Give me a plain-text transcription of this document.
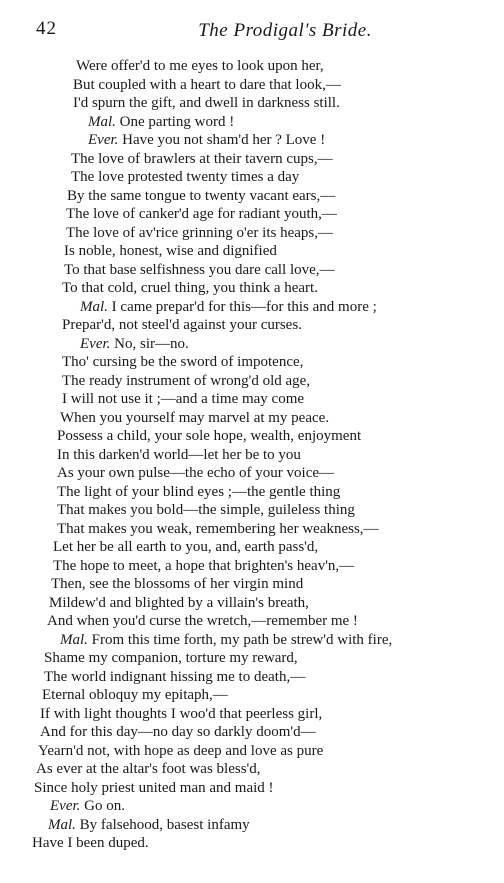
42	The Prodigal's Bride.
Were offer'd to me eyes to look upon her,
But coupled with a heart to dare that look,—
I'd spurn the gift, and dwell in darkness still.
Mal. One parting word !
Ever. Have you not sham'd her ? Love !
The love of brawlers at their tavern cups,—
The love protested twenty times a day
By the same tongue to twenty vacant ears,—
The love of canker'd age for radiant youth,—
The love of av'rice grinning o'er its heaps,—
Is noble, honest, wise and dignified
To that base selfishness you dare call love,—
To that cold, cruel thing, you think a heart.
Mal. I came prepar'd for this—for this and more ;
Prepar'd, not steel'd against your curses.
Ever. No, sir—no.
Tho' cursing be the sword of impotence,
The ready instrument of wrong'd old age,
I will not use it ;—and a time may come
When you yourself may marvel at my peace.
Possess a child, your sole hope, wealth, enjoyment
In this darken'd world—let her be to you
As your own pulse—the echo of your voice—
The light of your blind eyes ;—the gentle thing
That makes you bold—the simple, guileless thing
That makes you weak, remembering her weakness,—
Let her be all earth to you, and, earth pass'd,
The hope to meet, a hope that brighten's heav'n,—
Then, see the blossoms of her virgin mind
Mildew'd and blighted by a villain's breath,
And when you'd curse the wretch,—remember me !
Mal. From this time forth, my path be strew'd with fire,
Shame my companion, torture my reward,
The world indignant hissing me to death,—
Eternal obloquy my epitaph,—
If with light thoughts I woo'd that peerless girl,
And for this day—no day so darkly doom'd—
Yearn'd not, with hope as deep and love as pure
As ever at the altar's foot was bless'd,
Since holy priest united man and maid !
Ever. Go on.
Mal. By falsehood, basest infamy
Have I been duped.
